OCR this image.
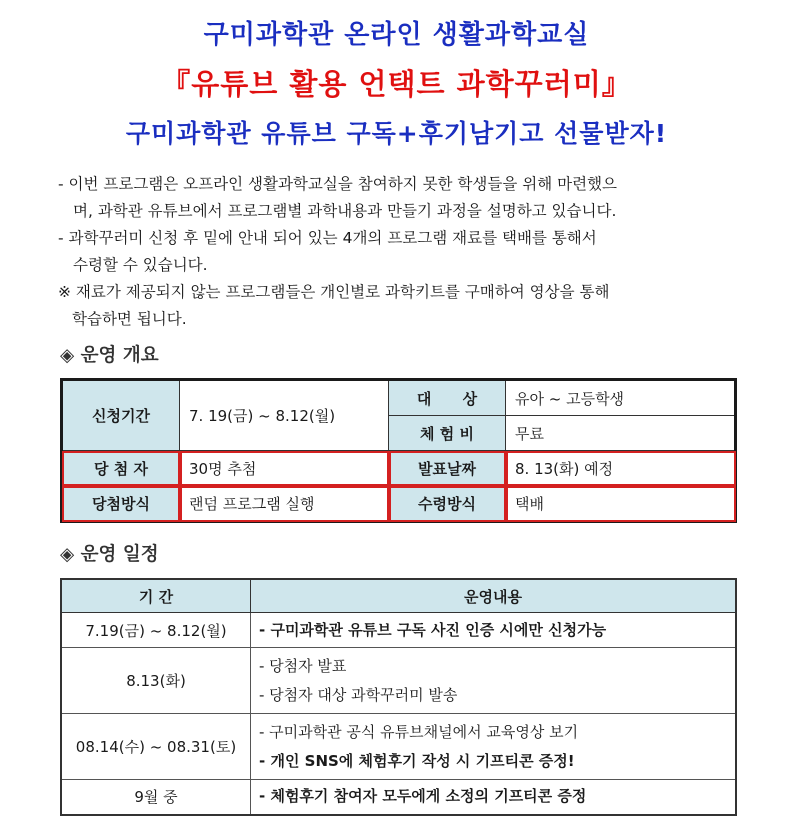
구미과학관 온라인 생활과학교실
『유튜브 활용 언택트 과학꾸러미』
구미과학관 유튜브 구독+후기남기고 선물받자!
- 이번 프로그램은 오프라인 생활과학교실을 참여하지 못한 학생들을 위해 마련했으
며, 과학관 유튜브에서 프로그램별 과학내용과 만들기 과정을 설명하고 있습니다.
- 과학꾸러미 신청 후 밑에 안내 되어 있는 4개의 프로그램 재료를 택배를 통해서
수령할 수 있습니다.
※ 재료가 제공되지 않는 프로그램들은 개인별로 과학키트를 구매하여 영상을 통해
학습하면 됩니다.
◈ 운영 개요
신청기간	7. 19(금) ~ 8.12(월)	대      상	유아 ~ 고등학생
		체 험 비	무료
당 첨 자	30명 추첨	발표날짜	8. 13(화) 예정
당첨방식	랜덤 프로그램 실행	수령방식	택배
◈ 운영 일정
기 간	운영내용
7.19(금) ~ 8.12(월)	- 구미과학관 유튜브 구독 사진 인증 시에만 신청가능

8.13(화)	- 당첨자 발표
- 당첨자 대상 과학꾸러미 발송

08.14(수) ~ 08.31(토)	- 구미과학관 공식 유튜브채널에서 교육영상 보기
- 개인 SNS에 체험후기 작성 시 기프티콘 증정!

9월 중	- 체험후기 참여자 모두에게 소정의 기프티콘 증정
